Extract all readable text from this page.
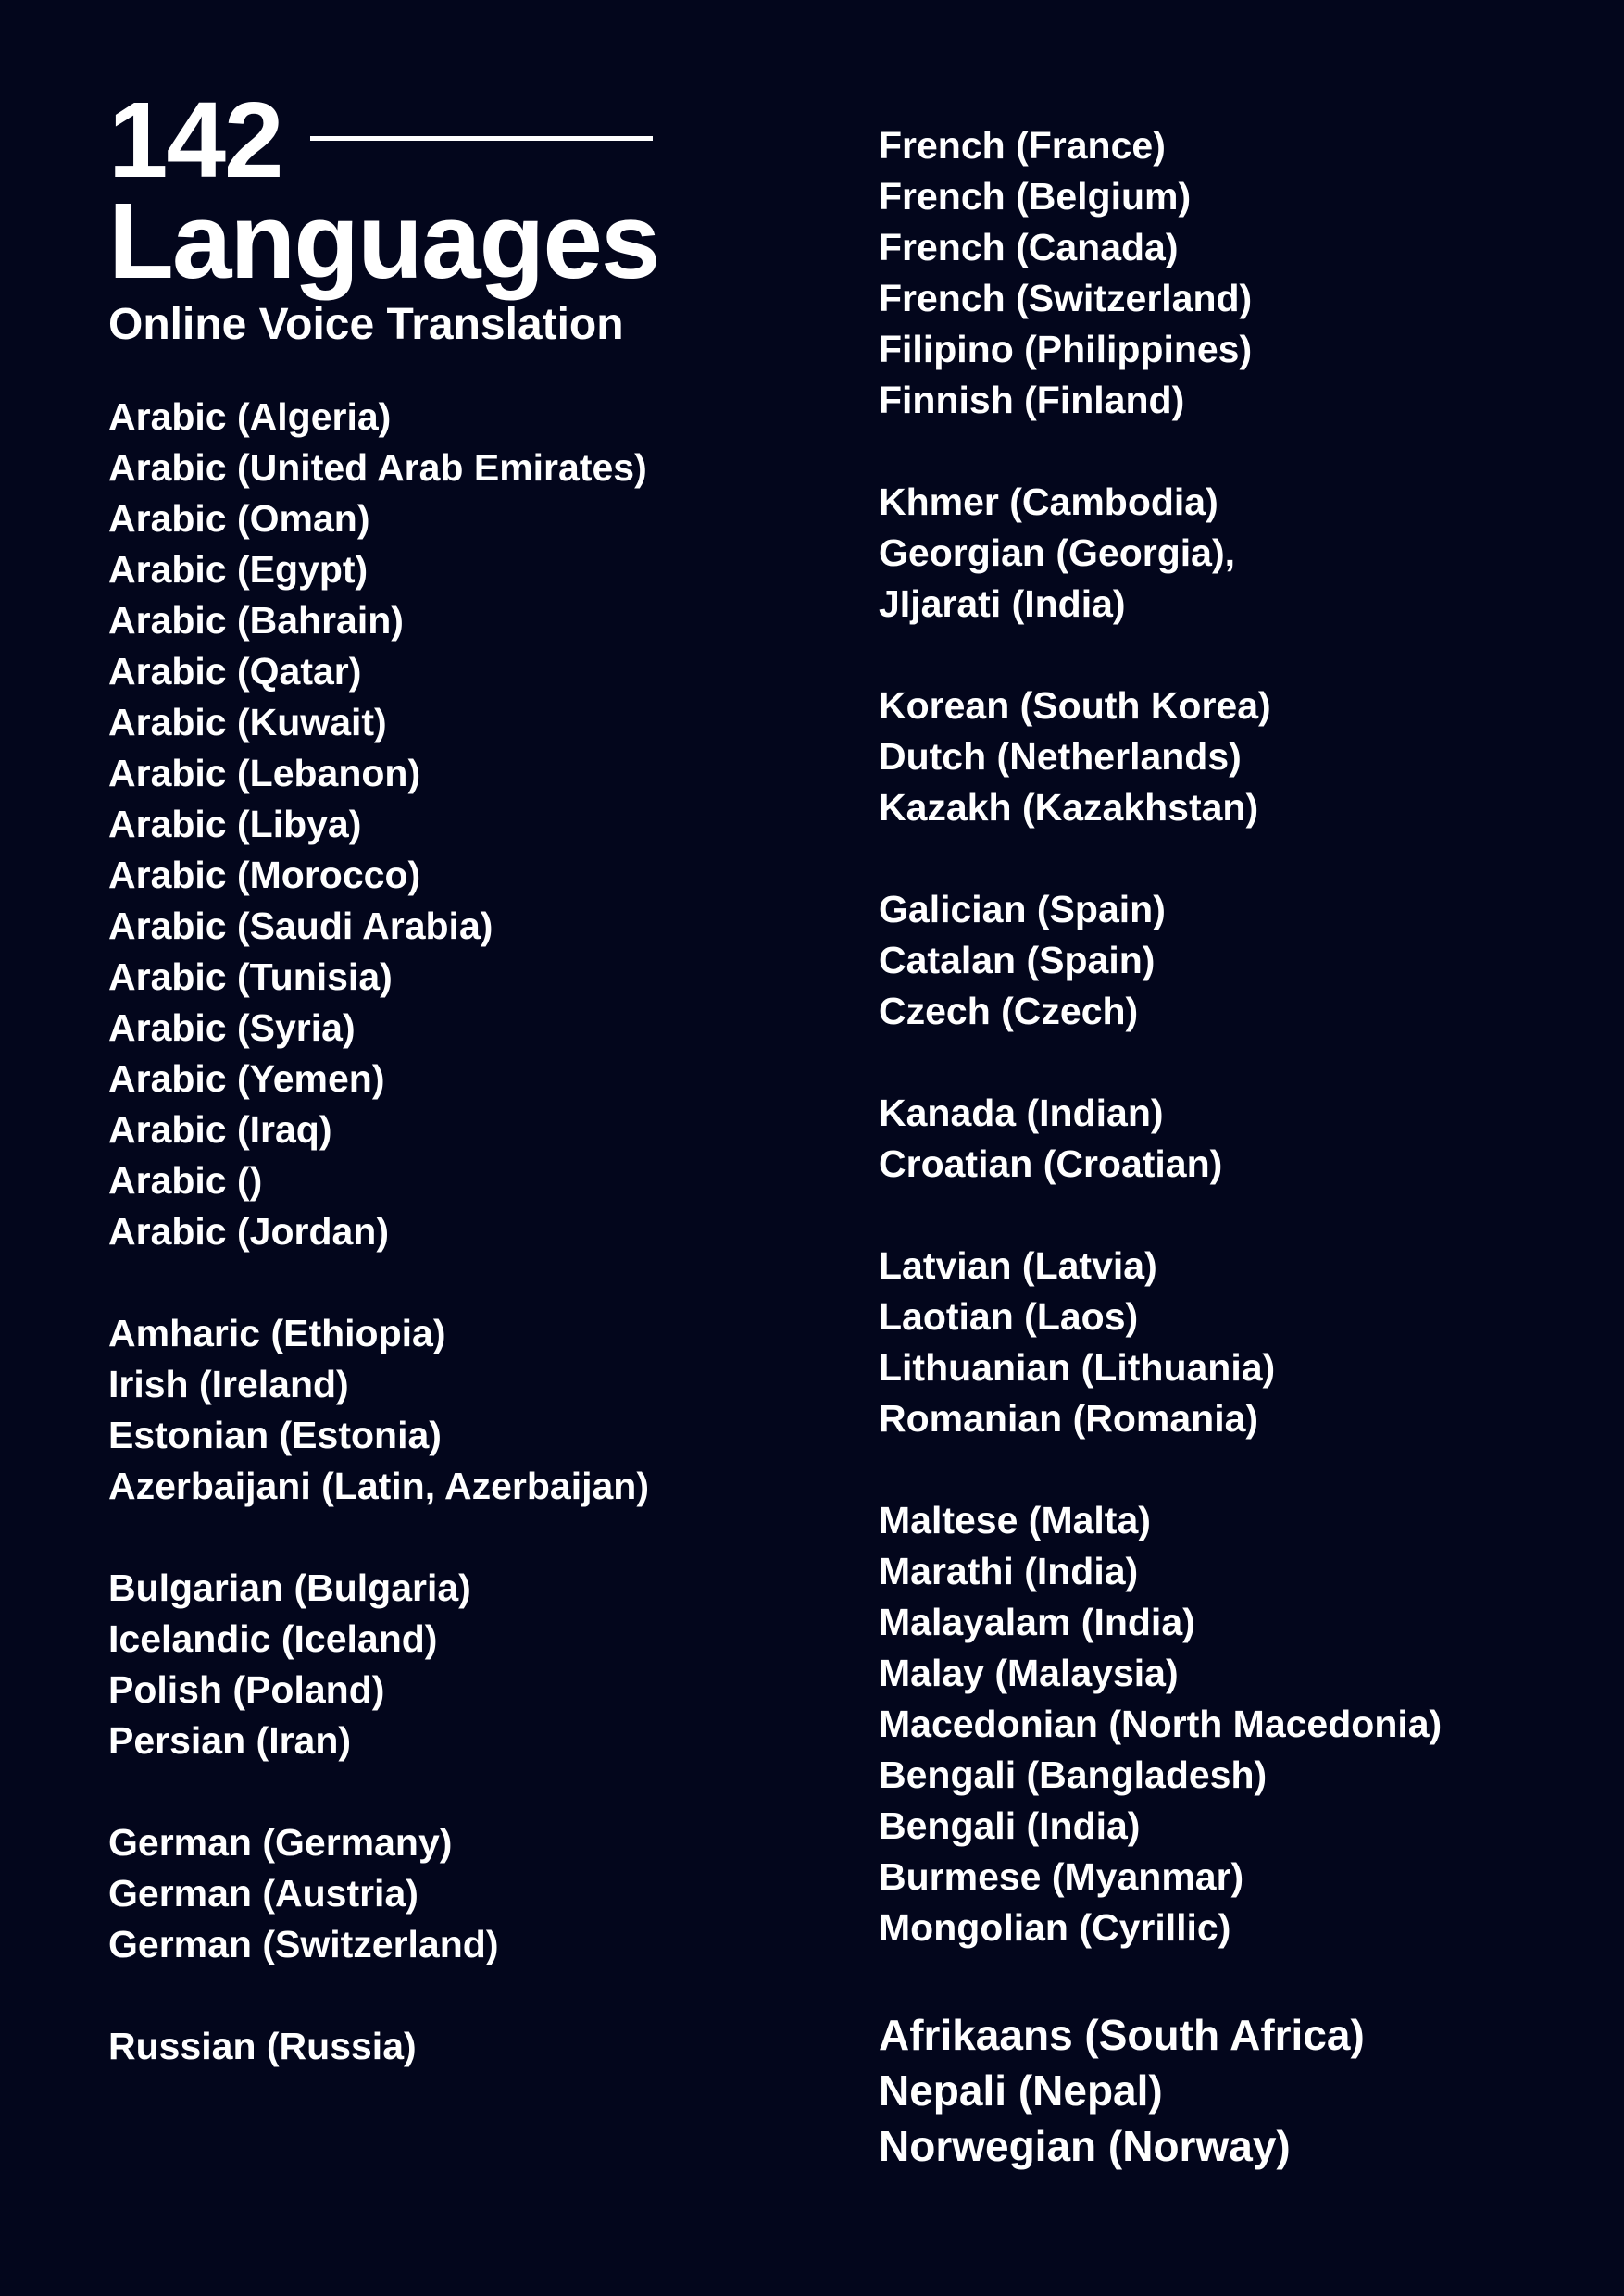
142
Languages
Online Voice Translation
Arabic (Algeria)
Arabic (United Arab Emirates)
Arabic (Oman)
Arabic (Egypt)
Arabic (Bahrain)
Arabic (Qatar)
Arabic (Kuwait)
Arabic (Lebanon)
Arabic (Libya)
Arabic (Morocco)
Arabic (Saudi Arabia)
Arabic (Tunisia)
Arabic (Syria)
Arabic (Yemen)
Arabic (Iraq)
Arabic ()
Arabic (Jordan)
Amharic (Ethiopia)
Irish (Ireland)
Estonian (Estonia)
Azerbaijani (Latin, Azerbaijan)
Bulgarian (Bulgaria)
Icelandic (Iceland)
Polish (Poland)
Persian (Iran)
German (Germany)
German (Austria)
German (Switzerland)
Russian (Russia)
French (France)
French (Belgium)
French (Canada)
French (Switzerland)
Filipino (Philippines)
Finnish (Finland)
Khmer (Cambodia)
Georgian (Georgia),
JIjarati (India)
Korean (South Korea)
Dutch (Netherlands)
Kazakh (Kazakhstan)
Galician (Spain)
Catalan (Spain)
Czech (Czech)
Kanada (Indian)
Croatian (Croatian)
Latvian (Latvia)
Laotian (Laos)
Lithuanian (Lithuania)
Romanian (Romania)
Maltese (Malta)
Marathi (India)
Malayalam (India)
Malay (Malaysia)
Macedonian (North Macedonia)
Bengali (Bangladesh)
Bengali (India)
Burmese (Myanmar)
Mongolian (Cyrillic)
Afrikaans (South Africa)
Nepali (Nepal)
Norwegian (Norway)
